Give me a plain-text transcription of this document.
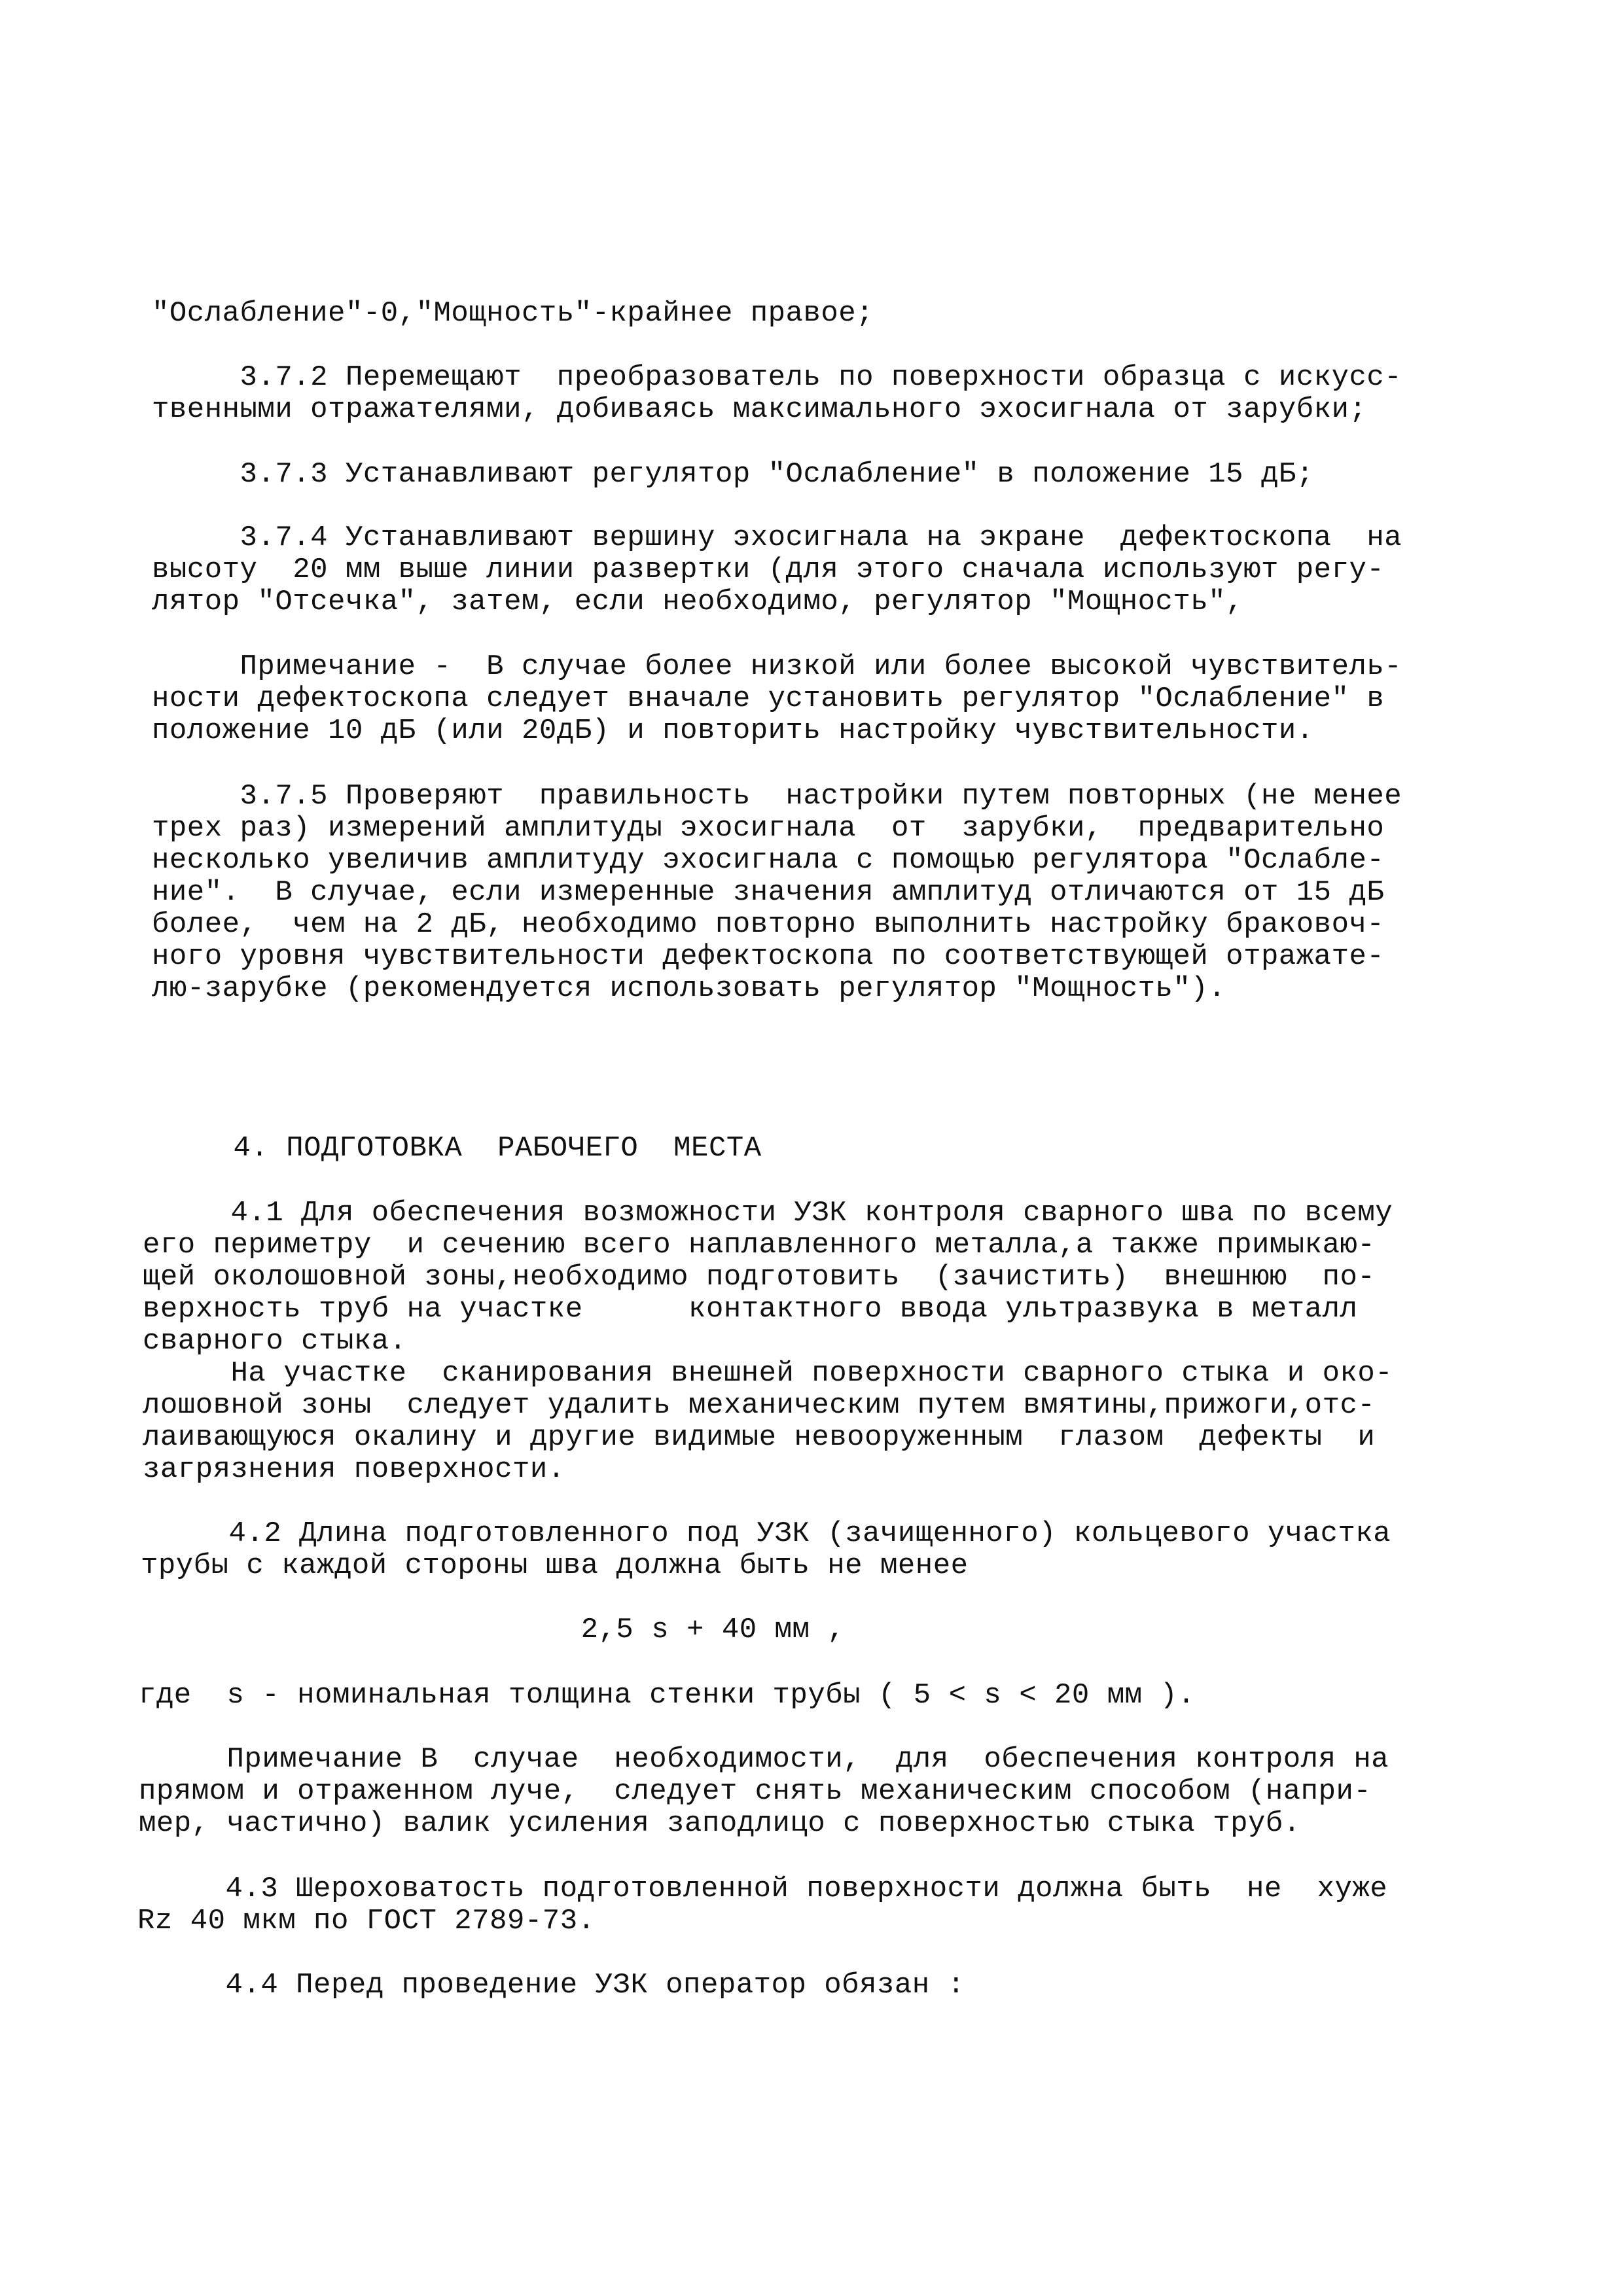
"Ослабление"-0,"Мощность"-крайнее правое;
3.7.2 Перемещают  преобразователь по поверхности образца с искусс-
твенными отражателями, добиваясь максимального эхосигнала от зарубки;
3.7.3 Устанавливают регулятор "Ослабление" в положение 15 дБ;
3.7.4 Устанавливают вершину эхосигнала на экране  дефектоскопа  на
высоту  20 мм выше линии развертки (для этого сначала используют регу-
лятор "Отсечка", затем, если необходимо, регулятор "Мощность",
Примечание -  В случае более низкой или более высокой чувствитель-
ности дефектоскопа следует вначале установить регулятор "Ослабление" в
положение 10 дБ (или 20дБ) и повторить настройку чувствительности.
3.7.5 Проверяют  правильность  настройки путем повторных (не менее
трех раз) измерений амплитуды эхосигнала  от  зарубки,  предварительно
несколько увеличив амплитуду эхосигнала с помощью регулятора "Ослабле-
ние".  В случае, если измеренные значения амплитуд отличаются от 15 дБ
более,  чем на 2 дБ, необходимо повторно выполнить настройку браковоч-
ного уровня чувствительности дефектоскопа по соответствующей отражате-
лю-зарубке (рекомендуется использовать регулятор "Мощность").
4. ПОДГОТОВКА  РАБОЧЕГО  МЕСТА
4.1 Для обеспечения возможности УЗК контроля сварного шва по всему
его периметру  и сечению всего наплавленного металла,а также примыкаю-
щей околошовной зоны,необходимо подготовить  (зачистить)  внешнюю  по-
верхность труб на участке      контактного ввода ультразвука в металл
сварного стыка.
На участке  сканирования внешней поверхности сварного стыка и око-
лошовной зоны  следует удалить механическим путем вмятины,прижоги,отс-
лаивающуюся окалину и другие видимые невооруженным  глазом  дефекты  и
загрязнения поверхности.
4.2 Длина подготовленного под УЗК (зачищенного) кольцевого участка
трубы с каждой стороны шва должна быть не менее
2,5 s + 40 мм ,
где  s - номинальная толщина стенки трубы ( 5 < s < 20 мм ).
Примечание В  случае  необходимости,  для  обеспечения контроля на
прямом и отраженном луче,  следует снять механическим способом (напри-
мер, частично) валик усиления заподлицо с поверхностью стыка труб.
4.3 Шероховатость подготовленной поверхности должна быть  не  хуже
Rz 40 мкм по ГОСТ 2789-73.
4.4 Перед проведение УЗК оператор обязан :
